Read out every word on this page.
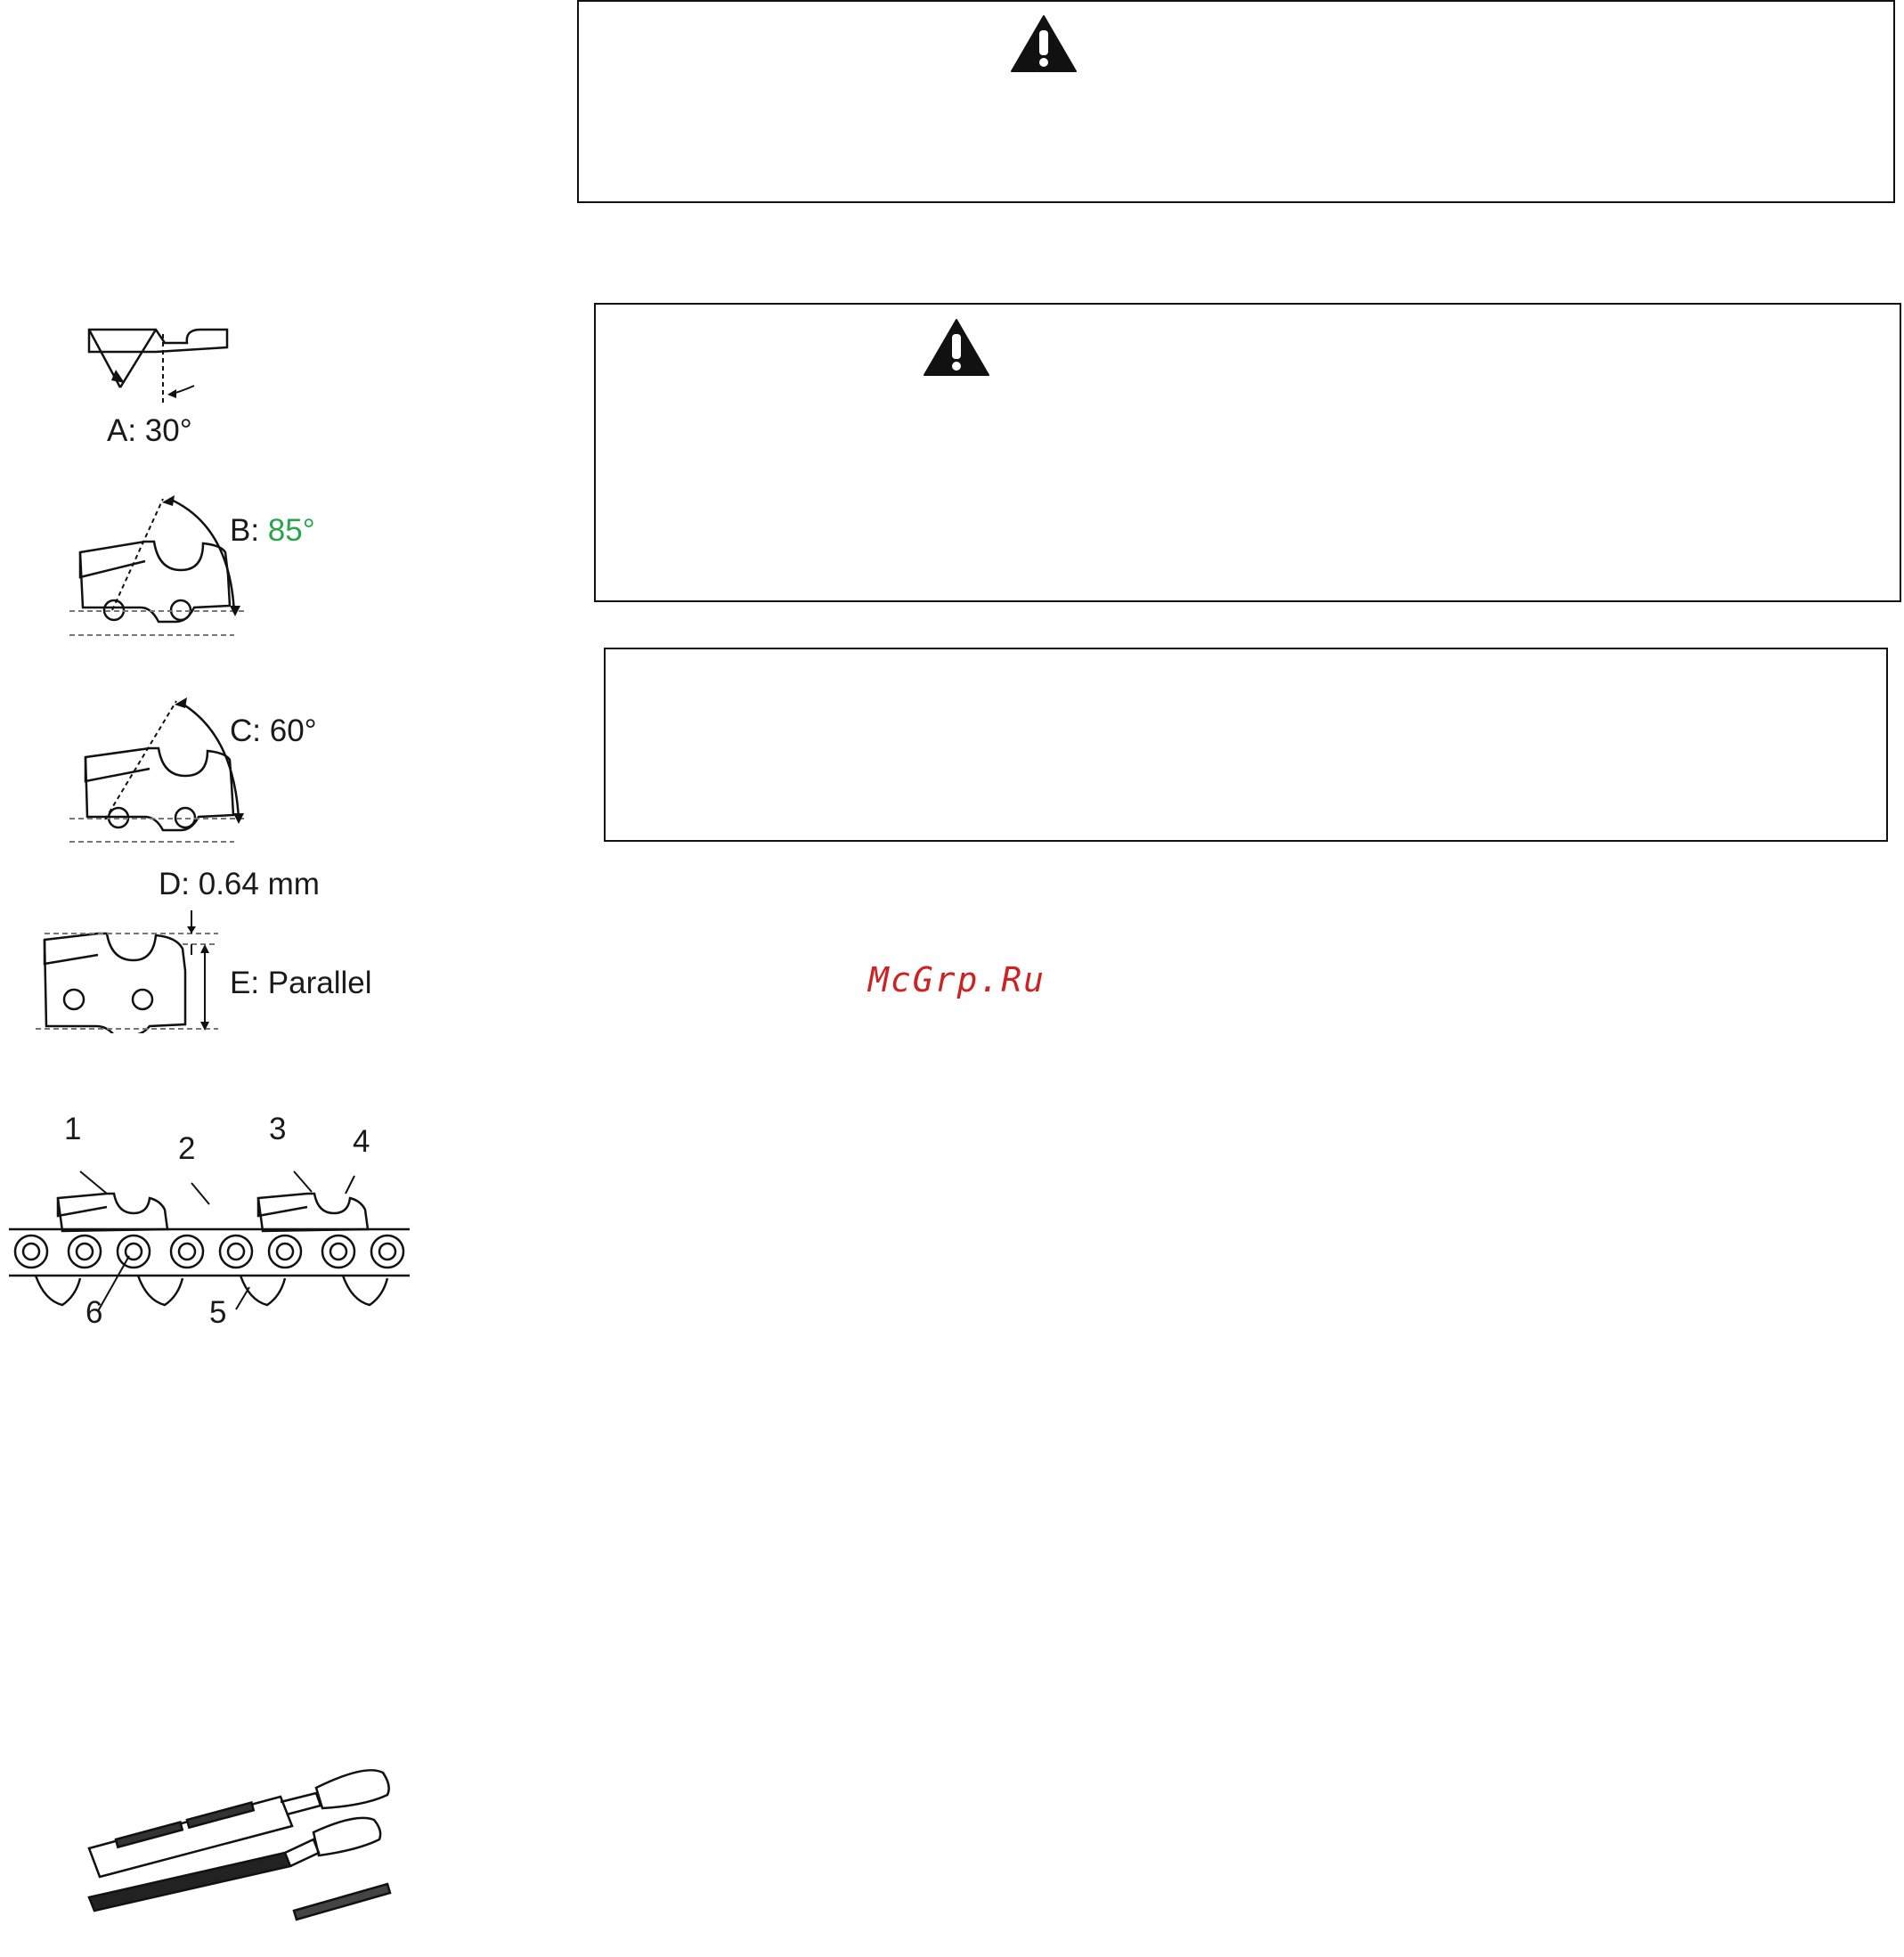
A: 30°
B: 85°
C: 60°
D: 0.64 mm
E: Parallel
1
2
3 4
5
6
McGrp.Ru
